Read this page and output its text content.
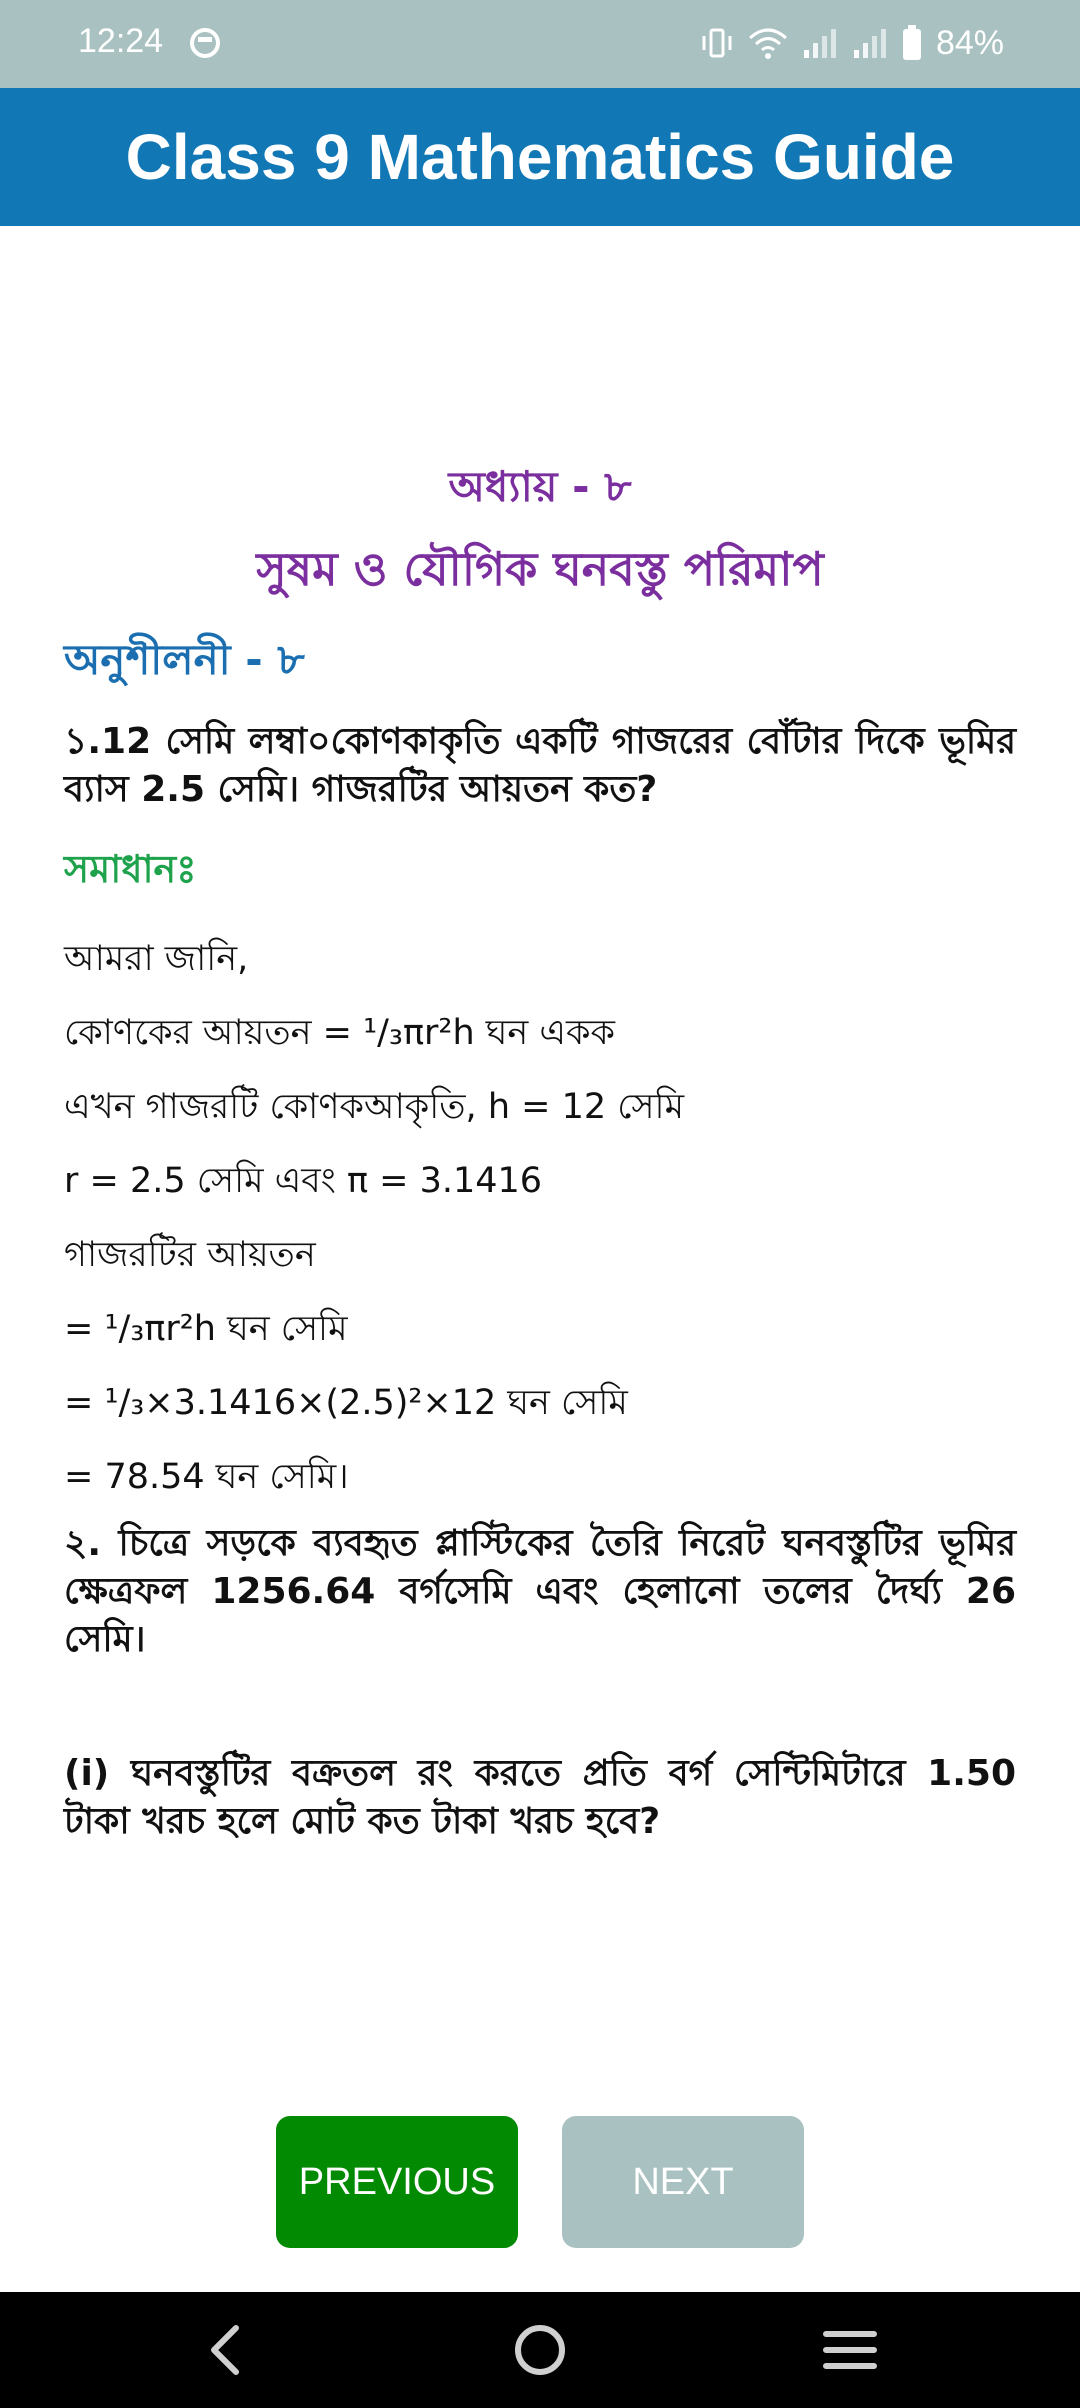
12:24	84%
Class 9 Mathematics Guide
অধ্যায় - ৮
সুষম ও যৌগিক ঘনবস্তু পরিমাপ
অনুশীলনী - ৮

১.12 সেমি লম্বা০কোণকাকৃতি একটি গাজরের বোঁটার দিকে ভূমির ব্যাস 2.5 সেমি। গাজরটির আয়তন কত?

সমাধানঃ
আমরা জানি,
কোণকের আয়তন = ¹/₃πr²h ঘন একক
এখন গাজরটি কোণকআকৃতি, h = 12 সেমি
r = 2.5 সেমি এবং π = 3.1416
গাজরটির আয়তন
= ¹/₃πr²h ঘন সেমি
= ¹/₃×3.1416×(2.5)²×12 ঘন সেমি
= 78.54 ঘন সেমি।

২. চিত্রে সড়কে ব্যবহৃত প্লাস্টিকের তৈরি নিরেট ঘনবস্তুটির ভূমির ক্ষেত্রফল 1256.64 বর্গসেমি এবং হেলানো তলের দৈর্ঘ্য 26 সেমি।

(i) ঘনবস্তুটির বক্রতল রং করতে প্রতি বর্গ সেন্টিমিটারে 1.50 টাকা খরচ হলে মোট কত টাকা খরচ হবে?

PREVIOUS	NEXT
